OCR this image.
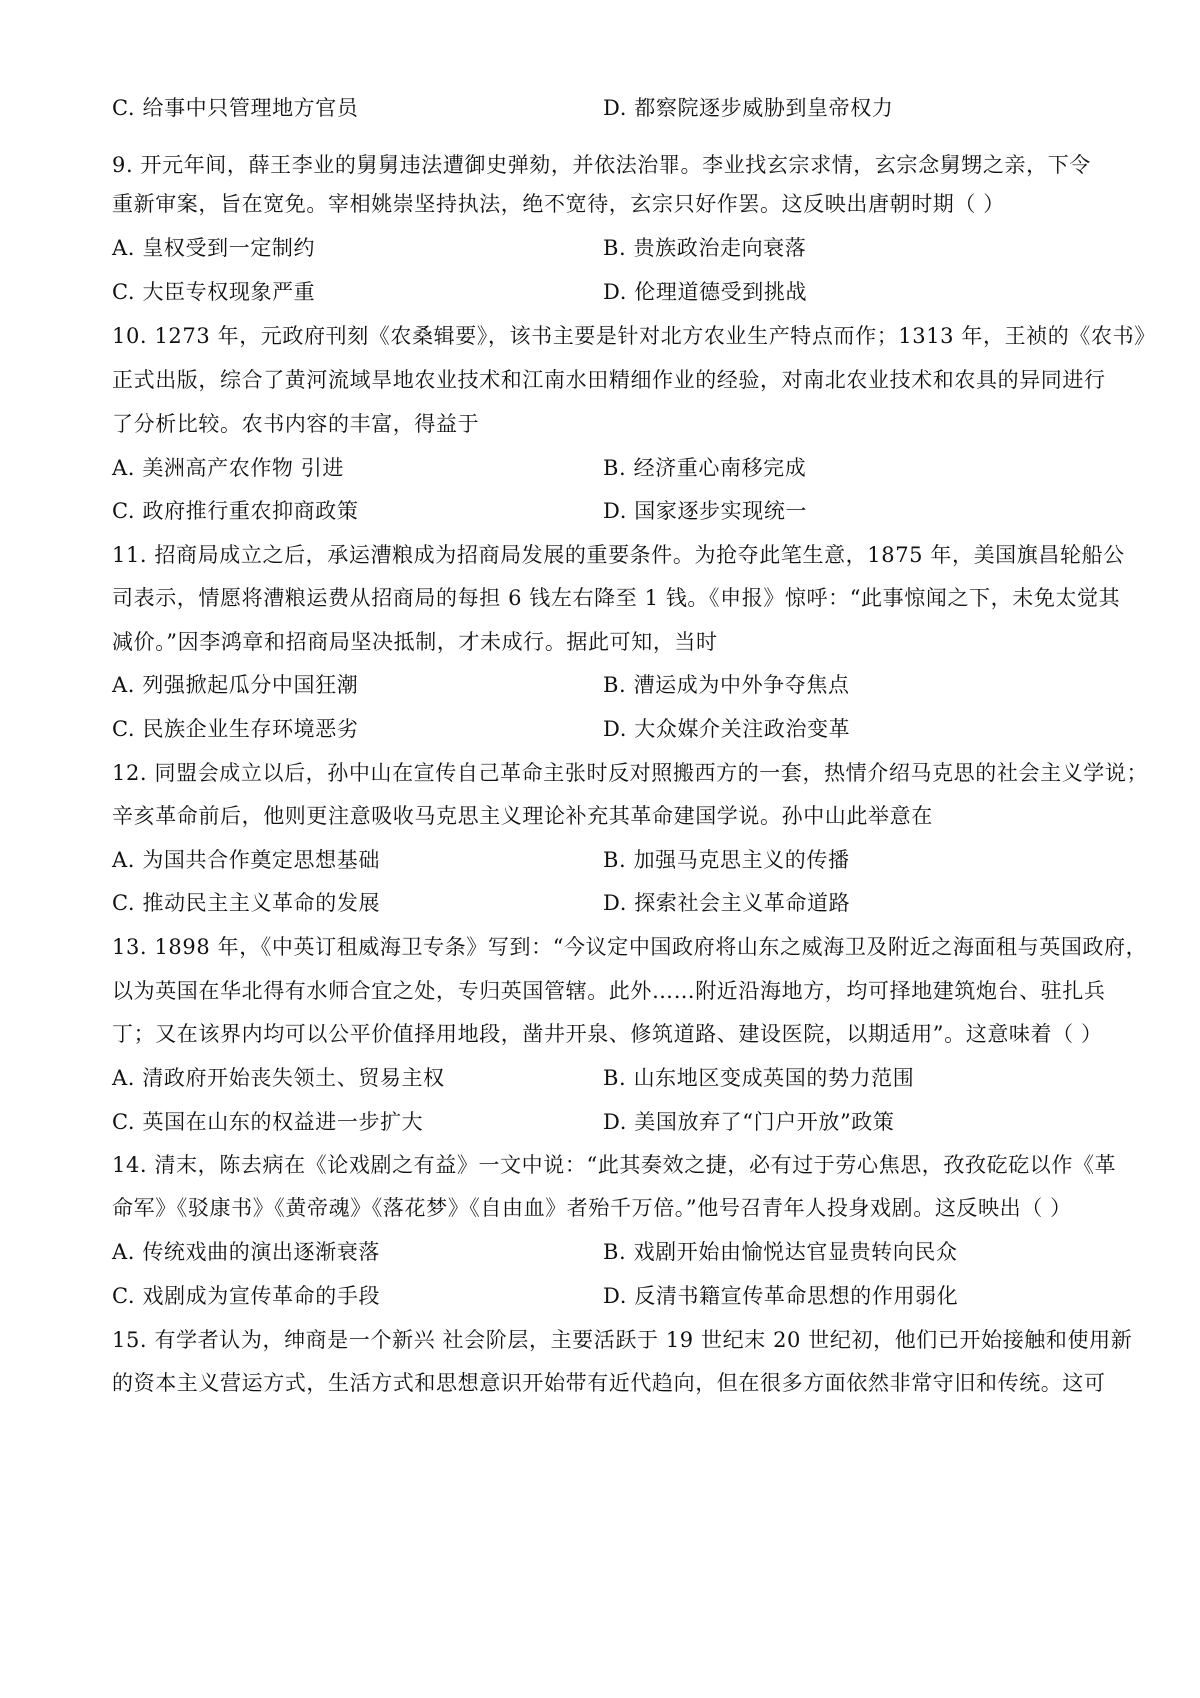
C. 给事中只管理地方官员	D. 都察院逐步威胁到皇帝权力
9. 开元年间，薛王李业的舅舅违法遭御史弹劾，并依法治罪。李业找玄宗求情，玄宗念舅甥之亲，下令
重新审案，旨在宽免。宰相姚崇坚持执法，绝不宽待，玄宗只好作罢。这反映出唐朝时期（ ）
A. 皇权受到一定制约	B. 贵族政治走向衰落
C. 大臣专权现象严重	D. 伦理道德受到挑战
10. 1273 年，元政府刊刻《农桑辑要》，该书主要是针对北方农业生产特点而作；1313 年，王祯的《农书》
正式出版，综合了黄河流域旱地农业技术和江南水田精细作业的经验，对南北农业技术和农具的异同进行
了分析比较。农书内容的丰富，得益于
A. 美洲高产农作物 引进	B. 经济重心南移完成
C. 政府推行重农抑商政策	D. 国家逐步实现统一
11. 招商局成立之后，承运漕粮成为招商局发展的重要条件。为抢夺此笔生意，1875 年，美国旗昌轮船公
司表示，情愿将漕粮运费从招商局的每担 6 钱左右降至 1 钱。《申报》惊呼：“此事惊闻之下，未免太觉其
减价。”因李鸿章和招商局坚决抵制，才未成行。据此可知，当时
A. 列强掀起瓜分中国狂潮	B. 漕运成为中外争夺焦点
C. 民族企业生存环境恶劣	D. 大众媒介关注政治变革
12. 同盟会成立以后，孙中山在宣传自己革命主张时反对照搬西方的一套，热情介绍马克思的社会主义学说；
辛亥革命前后，他则更注意吸收马克思主义理论补充其革命建国学说。孙中山此举意在
A. 为国共合作奠定思想基础	B. 加强马克思主义的传播
C. 推动民主主义革命的发展	D. 探索社会主义革命道路
13. 1898 年，《中英订租威海卫专条》写到：“今议定中国政府将山东之威海卫及附近之海面租与英国政府，
以为英国在华北得有水师合宜之处，专归英国管辖。此外……附近沿海地方，均可择地建筑炮台、驻扎兵
丁；又在该界内均可以公平价值择用地段，凿井开泉、修筑道路、建设医院，以期适用”。这意味着（ ）
A. 清政府开始丧失领土、贸易主权	B. 山东地区变成英国的势力范围
C. 英国在山东的权益进一步扩大	D. 美国放弃了“门户开放”政策
14. 清末，陈去病在《论戏剧之有益》一文中说：“此其奏效之捷，必有过于劳心焦思，孜孜矻矻以作《革
命军》《驳康书》《黄帝魂》《落花梦》《自由血》者殆千万倍。”他号召青年人投身戏剧。这反映出（ ）
A. 传统戏曲的演出逐渐衰落	B. 戏剧开始由愉悦达官显贵转向民众
C. 戏剧成为宣传革命的手段	D. 反清书籍宣传革命思想的作用弱化
15. 有学者认为，绅商是一个新兴 社会阶层，主要活跃于 19 世纪末 20 世纪初，他们已开始接触和使用新
的资本主义营运方式，生活方式和思想意识开始带有近代趋向，但在很多方面依然非常守旧和传统。这可
